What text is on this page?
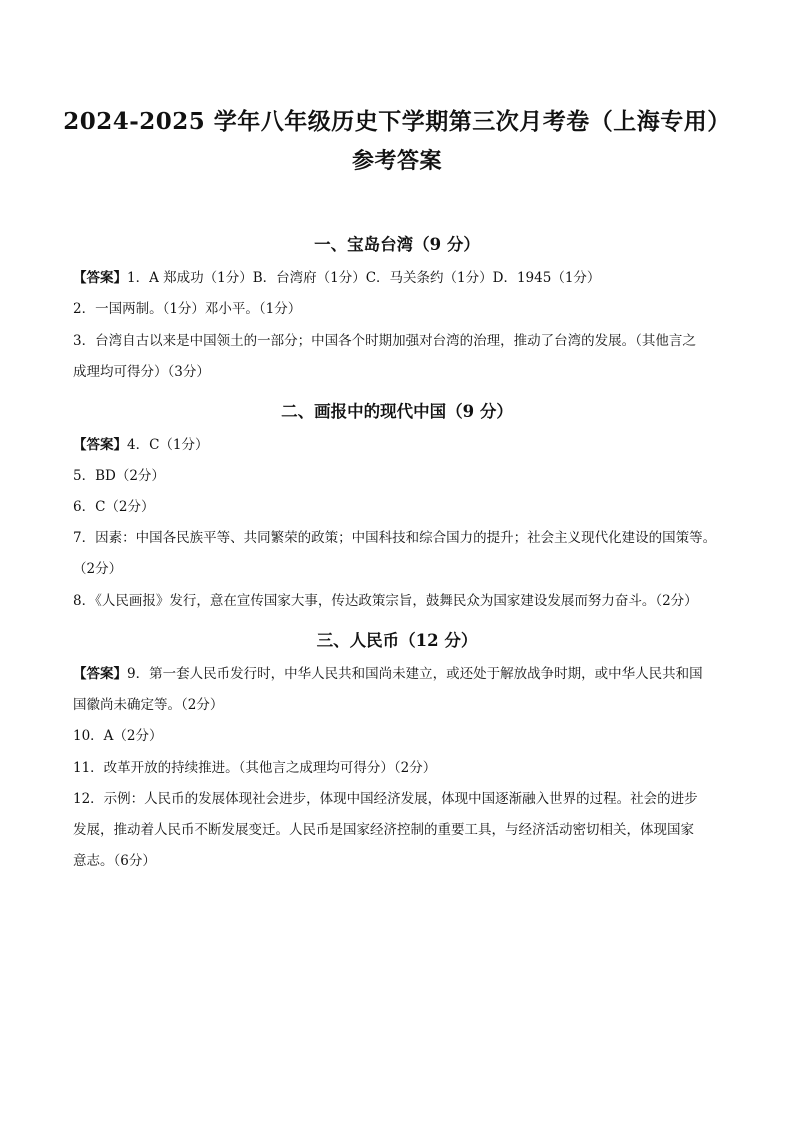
2024-2025 学年八年级历史下学期第三次月考卷（上海专用）
参考答案
一、宝岛台湾（9 分）
【答案】1．A 郑成功（1分）B．台湾府（1分）C．马关条约（1分）D．1945（1分）
2．一国两制。（1分）邓小平。（1分）
3．台湾自古以来是中国领土的一部分；中国各个时期加强对台湾的治理，推动了台湾的发展。（其他言之
成理均可得分）（3分）
二、画报中的现代中国（9 分）
【答案】4．C（1分）
5．BD（2分）
6．C（2分）
7．因素：中国各民族平等、共同繁荣的政策；中国科技和综合国力的提升；社会主义现代化建设的国策等。
（2分）
8．《人民画报》发行，意在宣传国家大事，传达政策宗旨，鼓舞民众为国家建设发展而努力奋斗。（2分）
三、人民币（12 分）
【答案】9．第一套人民币发行时，中华人民共和国尚未建立，或还处于解放战争时期，或中华人民共和国
国徽尚未确定等。（2分）
10．A（2分）
11．改革开放的持续推进。（其他言之成理均可得分）（2分）
12．示例：人民币的发展体现社会进步，体现中国经济发展，体现中国逐渐融入世界的过程。社会的进步
发展，推动着人民币不断发展变迁。人民币是国家经济控制的重要工具，与经济活动密切相关，体现国家
意志。（6分）
